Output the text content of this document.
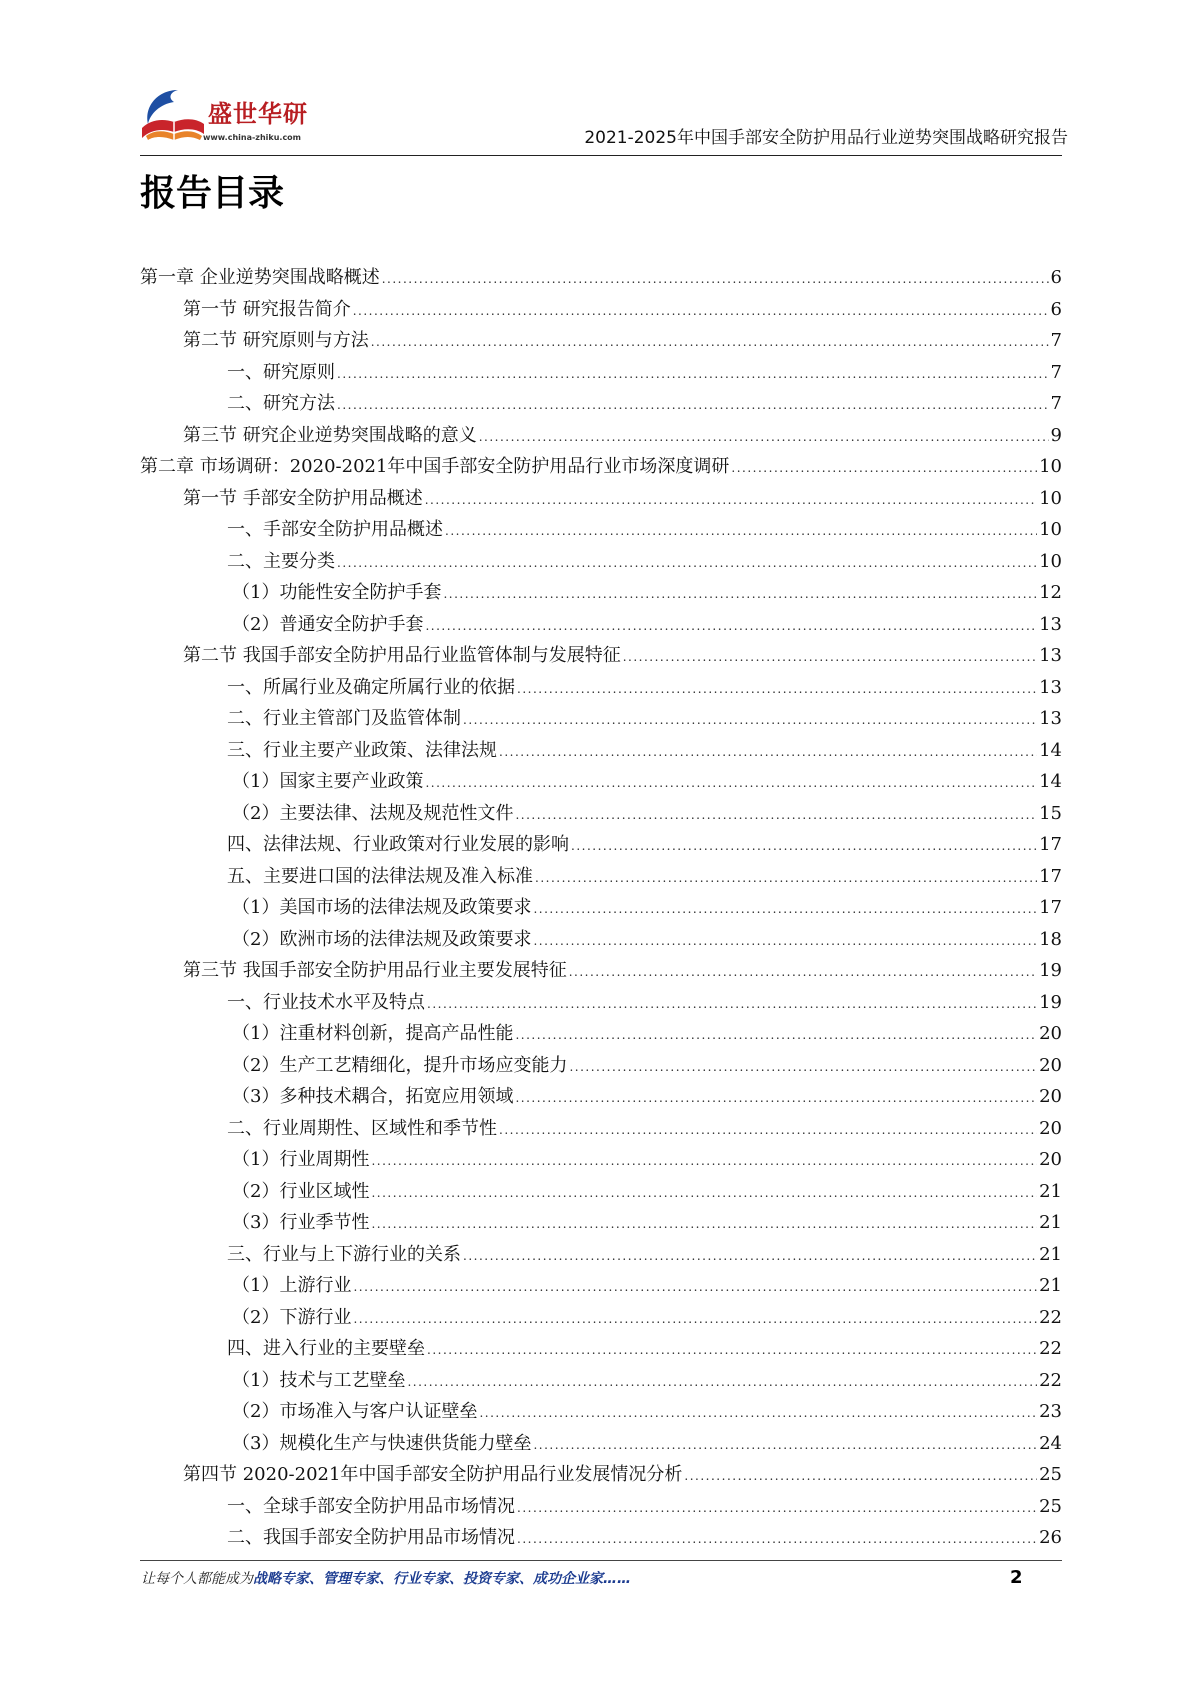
盛世华研
www.china-zhiku.com	2021-2025年中国手部安全防护用品行业逆势突围战略研究报告
报告目录
第一章 企业逆势突围战略概述 .....	6
第一节 研究报告简介 .....	6
第二节 研究原则与方法 .....	7
一、研究原则 .....	7
二、研究方法 .....	7
第三节 研究企业逆势突围战略的意义 .....	9
第二章 市场调研：2020-2021年中国手部安全防护用品行业市场深度调研 .....	10
第一节 手部安全防护用品概述 .....	10
一、手部安全防护用品概述 .....	10
二、主要分类 .....	10
（1）功能性安全防护手套 .....	12
（2）普通安全防护手套 .....	13
第二节 我国手部安全防护用品行业监管体制与发展特征 .....	13
一、所属行业及确定所属行业的依据 .....	13
二、行业主管部门及监管体制 .....	13
三、行业主要产业政策、法律法规 .....	14
（1）国家主要产业政策 .....	14
（2）主要法律、法规及规范性文件 .....	15
四、法律法规、行业政策对行业发展的影响 .....	17
五、主要进口国的法律法规及准入标准 .....	17
（1）美国市场的法律法规及政策要求 .....	17
（2）欧洲市场的法律法规及政策要求 .....	18
第三节 我国手部安全防护用品行业主要发展特征 .....	19
一、行业技术水平及特点 .....	19
（1）注重材料创新，提高产品性能 .....	20
（2）生产工艺精细化，提升市场应变能力 .....	20
（3）多种技术耦合，拓宽应用领域 .....	20
二、行业周期性、区域性和季节性 .....	20
（1）行业周期性 .....	20
（2）行业区域性 .....	21
（3）行业季节性 .....	21
三、行业与上下游行业的关系 .....	21
（1）上游行业 .....	21
（2）下游行业 .....	22
四、进入行业的主要壁垒 .....	22
（1）技术与工艺壁垒 .....	22
（2）市场准入与客户认证壁垒 .....	23
（3）规模化生产与快速供货能力壁垒 .....	24
第四节 2020-2021年中国手部安全防护用品行业发展情况分析 .....	25
一、全球手部安全防护用品市场情况 .....	25
二、我国手部安全防护用品市场情况 .....	26
让每个人都能成为战略专家、管理专家、行业专家、投资专家、成功企业家……	2
